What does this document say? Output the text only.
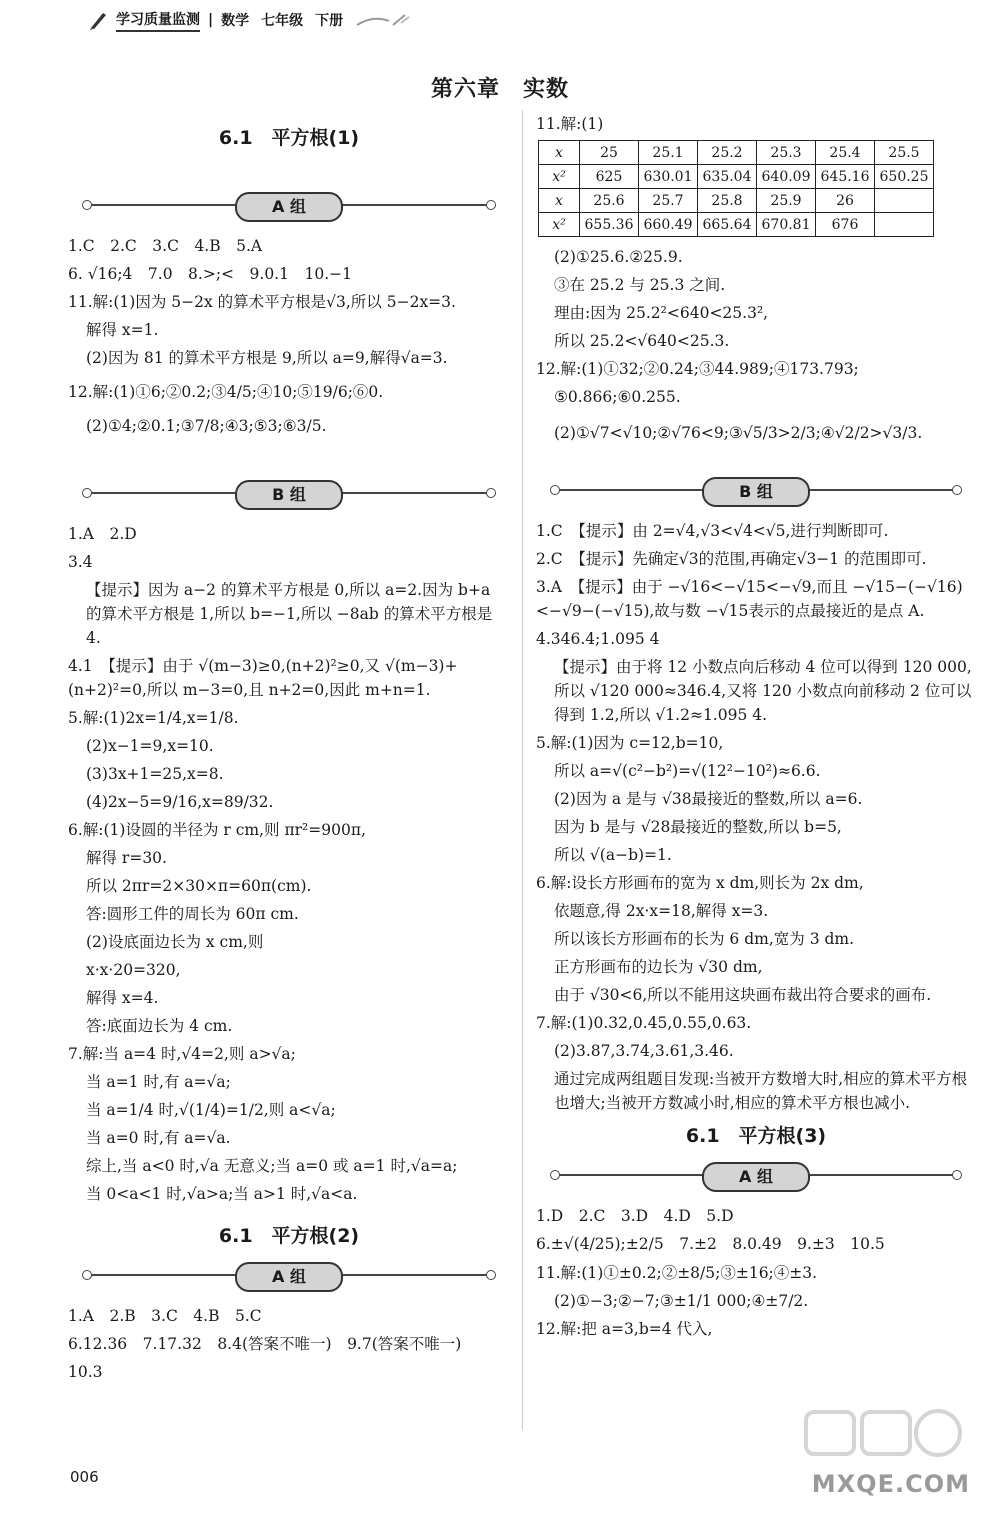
学习质量监测 | 数学 七年级 下册
第六章　实数
6.1　平方根(1)
A 组
1.C　2.C　3.C　4.B　5.A
6. √16;4　7.0　8.>;<　9.0.1　10.−1
11.解:(1)因为 5−2x 的算术平方根是√3,所以 5−2x=3.
解得 x=1.
(2)因为 81 的算术平方根是 9,所以 a=9,解得√a=3.
12.解:(1)①6;②0.2;③4/5;④10;⑤19/6;⑥0.
(2)①4;②0.1;③7/8;④3;⑤3;⑥3/5.
B 组
1.A　2.D
3.4
【提示】因为 a−2 的算术平方根是 0,所以 a=2.因为 b+a 的算术平方根是 1,所以 b=−1,所以 −8ab 的算术平方根是 4.
4.1　【提示】由于 √(m−3)≥0,(n+2)²≥0,又 √(m−3)+(n+2)²=0,所以 m−3=0,且 n+2=0,因此 m+n=1.
5.解:(1)2x=1/4,x=1/8.
(2)x−1=9,x=10.
(3)3x+1=25,x=8.
(4)2x−5=9/16,x=89/32.
6.解:(1)设圆的半径为 r cm,则 πr²=900π,
解得 r=30.
所以 2πr=2×30×π=60π(cm).
答:圆形工件的周长为 60π cm.
(2)设底面边长为 x cm,则
x·x·20=320,
解得 x=4.
答:底面边长为 4 cm.
7.解:当 a=4 时,√4=2,则 a>√a;
当 a=1 时,有 a=√a;
当 a=1/4 时,√(1/4)=1/2,则 a<√a;
当 a=0 时,有 a=√a.
综上,当 a<0 时,√a 无意义;当 a=0 或 a=1 时,√a=a;
当 0<a<1 时,√a>a;当 a>1 时,√a<a.
6.1　平方根(2)
A 组
1.A　2.B　3.C　4.B　5.C
6.12.36　7.17.32　8.4(答案不唯一)　9.7(答案不唯一)
10.3
11.解:(1)
x	25	25.1	25.2	25.3	25.4	25.5
x²	625	630.01	635.04	640.09	645.16	650.25
x	25.6	25.7	25.8	25.9	26	
x²	655.36	660.49	665.64	670.81	676	
(2)①25.6.②25.9.
③在 25.2 与 25.3 之间.
理由:因为 25.2²<640<25.3²,
所以 25.2<√640<25.3.
12.解:(1)①32;②0.24;③44.989;④173.793;
⑤0.866;⑥0.255.
(2)①√7<√10;②√76<9;③√5/3>2/3;④√2/2>√3/3.
B 组
1.C　【提示】由 2=√4,√3<√4<√5,进行判断即可.
2.C　【提示】先确定√3的范围,再确定√3−1 的范围即可.
3.A　【提示】由于 −√16<−√15<−√9,而且 −√15−(−√16)<−√9−(−√15),故与数 −√15表示的点最接近的是点 A.
4.346.4;1.095 4
【提示】由于将 12 小数点向后移动 4 位可以得到 120 000,所以 √120 000≈346.4,又将 120 小数点向前移动 2 位可以得到 1.2,所以 √1.2≈1.095 4.
5.解:(1)因为 c=12,b=10,
所以 a=√(c²−b²)=√(12²−10²)≈6.6.
(2)因为 a 是与 √38最接近的整数,所以 a=6.
因为 b 是与 √28最接近的整数,所以 b=5,
所以 √(a−b)=1.
6.解:设长方形画布的宽为 x dm,则长为 2x dm,
依题意,得 2x·x=18,解得 x=3.
所以该长方形画布的长为 6 dm,宽为 3 dm.
正方形画布的边长为 √30 dm,
由于 √30<6,所以不能用这块画布裁出符合要求的画布.
7.解:(1)0.32,0.45,0.55,0.63.
(2)3.87,3.74,3.61,3.46.
通过完成两组题目发现:当被开方数增大时,相应的算术平方根也增大;当被开方数减小时,相应的算术平方根也减小.
6.1　平方根(3)
A 组
1.D　2.C　3.D　4.D　5.D
6.±√(4/25);±2/5　7.±2　8.0.49　9.±3　10.5
11.解:(1)①±0.2;②±8/5;③±16;④±3.
(2)①−3;②−7;③±1/1 000;④±7/2.
12.解:把 a=3,b=4 代入,
006	MXQE.COM
